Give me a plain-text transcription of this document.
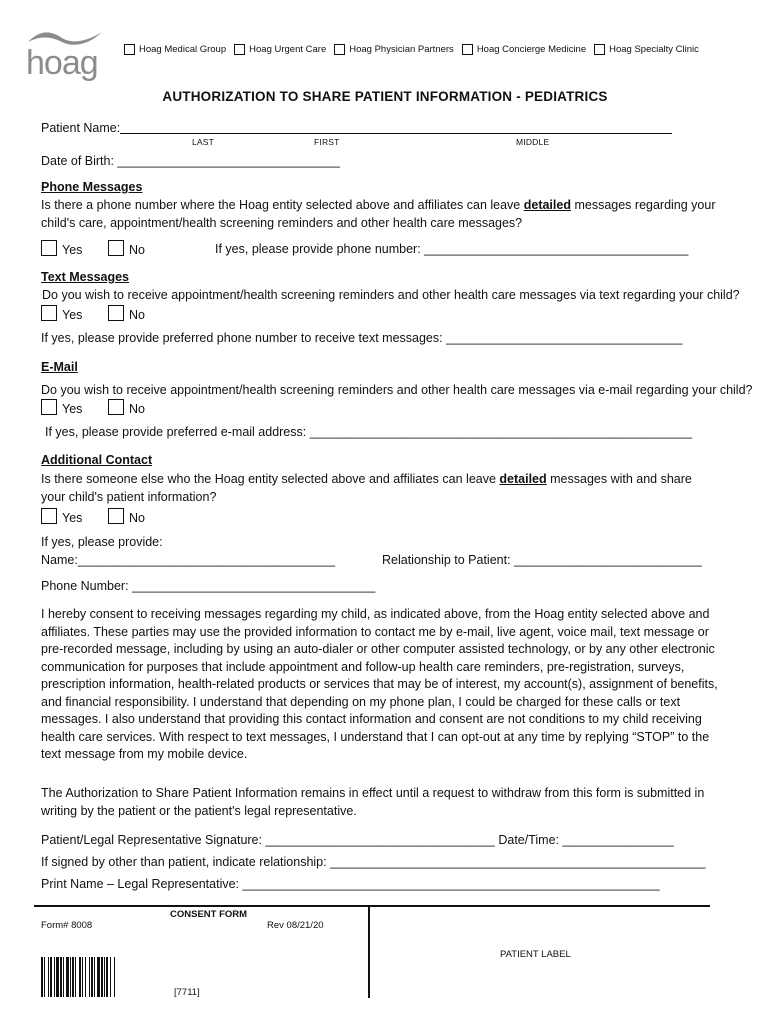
hoag	Hoag Medical Group Hoag Urgent Care Hoag Physician Partners Hoag Concierge Medicine Hoag Specialty Clinic
AUTHORIZATION TO SHARE PATIENT INFORMATION - PEDIATRICS
Patient Name:
LAST	FIRST	MIDDLE
Date of Birth: ________________________________
Phone Messages
Is there a phone number where the Hoag entity selected above and affiliates can leave detailed messages regarding your
child's care, appointment/health screening reminders and other health care messages?
Yes	No	If yes, please provide phone number: ______________________________________
Text Messages
Do you wish to receive appointment/health screening reminders and other health care messages via text regarding your child?
Yes	No
If yes, please provide preferred phone number to receive text messages: __________________________________
E-Mail
Do you wish to receive appointment/health screening reminders and other health care messages via e-mail regarding your child?
Yes	No
If yes, please provide preferred e-mail address: _______________________________________________________
Additional Contact
Is there someone else who the Hoag entity selected above and affiliates can leave detailed messages with and share
your child's patient information?
Yes	No
If yes, please provide:
Name:_____________________________________	Relationship to Patient: ___________________________
Phone Number: ___________________________________
I hereby consent to receiving messages regarding my child, as indicated above, from the Hoag entity selected above and affiliates. These parties may use the provided information to contact me by e-mail, live agent, voice mail, text message or pre-recorded message, including by using an auto-dialer or other computer assisted technology, or by any other electronic communication for purposes that include appointment and follow-up health care reminders, pre-registration, surveys, prescription information, health-related products or services that may be of interest, my account(s), assignment of benefits, and financial responsibility. I understand that depending on my phone plan, I could be charged for these calls or text messages. I also understand that providing this contact information and consent are not conditions to my child receiving health care services. With respect to text messages, I understand that I can opt-out at any time by replying “STOP” to the text message from my mobile device.
The Authorization to Share Patient Information remains in effect until a request to withdraw from this form is submitted in writing by the patient or the patient's legal representative.
Patient/Legal Representative Signature: _________________________________ Date/Time: ________________
If signed by other than patient, indicate relationship: ______________________________________________________
Print Name – Legal Representative: ____________________________________________________________
Form# 8008
CONSENT FORM
Rev 08/21/20
PATIENT LABEL
[7711]
